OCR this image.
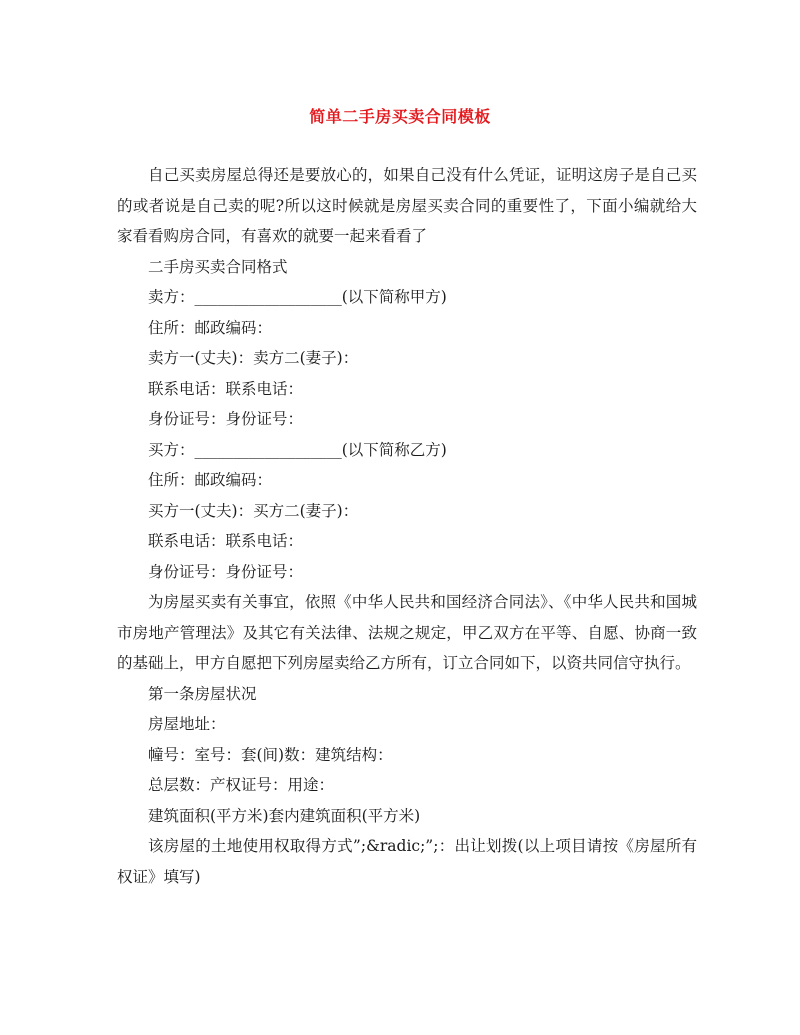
简单二手房买卖合同模板

自己买卖房屋总得还是要放心的，如果自己没有什么凭证，证明这房子是自己买的或者说是自己卖的呢?所以这时候就是房屋买卖合同的重要性了，下面小编就给大家看看购房合同，有喜欢的就要一起来看看了

二手房买卖合同格式

卖方：___________________(以下简称甲方)

住所：邮政编码：

卖方一(丈夫)：卖方二(妻子)：

联系电话：联系电话：

身份证号：身份证号：

买方：___________________(以下简称乙方)

住所：邮政编码：

买方一(丈夫)：买方二(妻子)：

联系电话：联系电话：

身份证号：身份证号：

为房屋买卖有关事宜，依照《中华人民共和国经济合同法》、《中华人民共和国城市房地产管理法》及其它有关法律、法规之规定，甲乙双方在平等、自愿、协商一致的基础上，甲方自愿把下列房屋卖给乙方所有，订立合同如下，以资共同信守执行。

第一条房屋状况

房屋地址：

幢号：室号：套(间)数：建筑结构：

总层数：产权证号：用途：

建筑面积(平方米)套内建筑面积(平方米)

该房屋的土地使用权取得方式”;&radic;”;：出让划拨(以上项目请按《房屋所有权证》填写)
